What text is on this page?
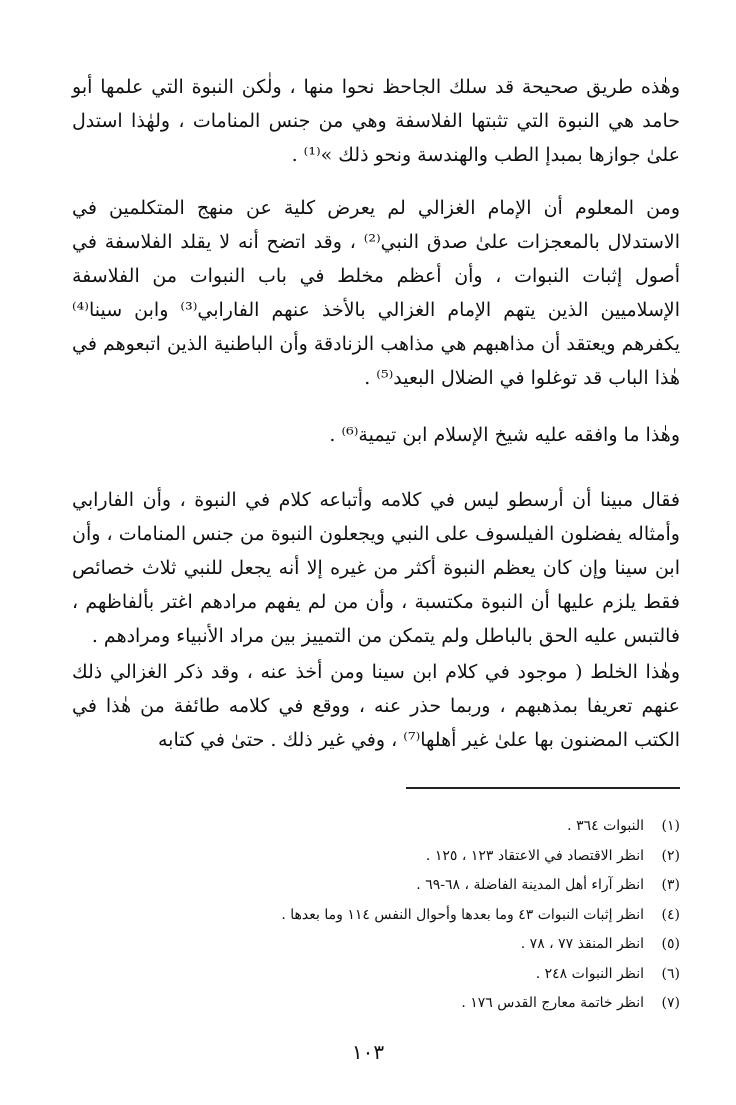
وهٰذه طريق صحيحة قد سلك الجاحظ نحوا منها ، ولٰكن النبوة التي علمها أبو حامد هي النبوة التي تثبتها الفلاسفة وهي من جنس المنامات ، ولهٰذا استدل علىٰ جوازها بمبدإ الطب والهندسة ونحو ذلك »⁽¹⁾ .

ومن المعلوم أن الإمام الغزالي لم يعرض كلية عن منهج المتكلمين في الاستدلال بالمعجزات علىٰ صدق النبي⁽²⁾ ، وقد اتضح أنه لا يقلد الفلاسفة في أصول إثبات النبوات ، وأن أعظم مخلط في باب النبوات من الفلاسفة الإسلاميين الذين يتهم الإمام الغزالي بالأخذ عنهم الفارابي⁽³⁾ وابن سينا⁽⁴⁾ يكفرهم ويعتقد أن مذاهبهم هي مذاهب الزنادقة وأن الباطنية الذين اتبعوهم في هٰذا الباب قد توغلوا في الضلال البعيد⁽⁵⁾ .

وهٰذا ما وافقه عليه شيخ الإسلام ابن تيمية⁽⁶⁾ .

فقال مبينا أن أرسطو ليس في كلامه وأتباعه كلام في النبوة ، وأن الفارابي وأمثاله يفضلون الفيلسوف على النبي ويجعلون النبوة من جنس المنامات ، وأن ابن سينا وإن كان يعظم النبوة أكثر من غيره إلا أنه يجعل للنبي ثلاث خصائص فقط يلزم عليها أن النبوة مكتسبة ، وأن من لم يفهم مرادهم اغتر بألفاظهم ، فالتبس عليه الحق بالباطل ولم يتمكن من التمييز بين مراد الأنبياء ومرادهم .

وهٰذا الخلط ( موجود في كلام ابن سينا ومن أخذ عنه ، وقد ذكر الغزالي ذلك عنهم تعريفا بمذهبهم ، وربما حذر عنه ، ووقع في كلامه طائفة من هٰذا في الكتب المضنون بها علىٰ غير أهلها⁽⁷⁾ ، وفي غير ذلك . حتىٰ في كتابه

(١)
النبوات ٣٦٤ .
(٢)
انظر الاقتصاد في الاعتقاد ١٢٣ ، ١٢٥ .
(٣)
انظر آراء أهل المدينة الفاضلة ، ٦٨-٦٩ .
(٤)
انظر إثبات النبوات ٤٣ وما بعدها وأحوال النفس ١١٤ وما بعدها .
(٥)
انظر المنقذ ٧٧ ، ٧٨ .
(٦)
انظر النبوات ٢٤٨ .
(٧)
انظر خاتمة معارج القدس ١٧٦ .
١٠٣
